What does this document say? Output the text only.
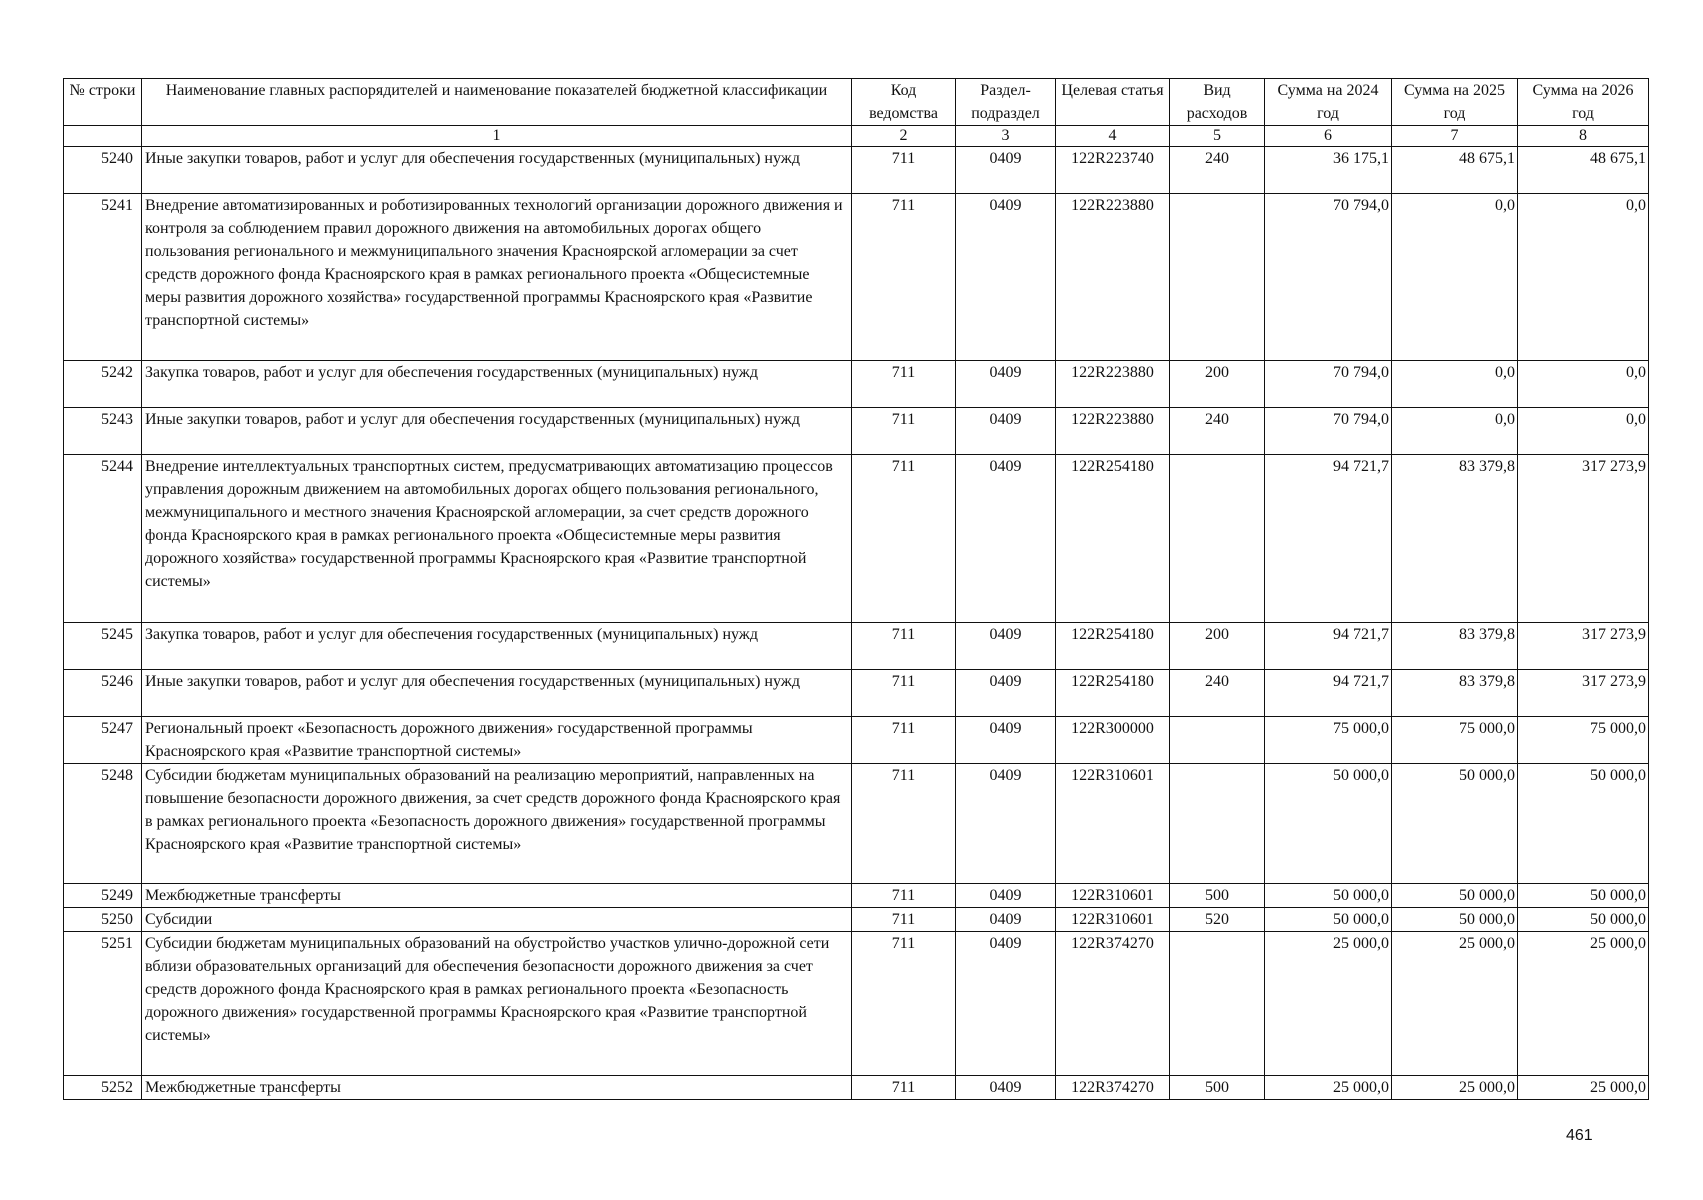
№ строки	Наименование главных распорядителей и наименование показателей бюджетной классификации	Код ведомства	Раздел-подраздел	Целевая статья	Вид расходов	Сумма на 2024 год	Сумма на 2025 год	Сумма на 2026 год
	1	2	3	4	5	6	7	8
5240	Иные закупки товаров, работ и услуг для обеспечения государственных (муниципальных) нужд	711	0409	122R223740	240	36 175,1	48 675,1	48 675,1
5241	Внедрение автоматизированных и роботизированных технологий организации дорожного движения и контроля за соблюдением правил дорожного движения на автомобильных дорогах общего пользования регионального и межмуниципального значения Красноярской агломерации за счет средств дорожного фонда Красноярского края в рамках регионального проекта «Общесистемные меры развития дорожного хозяйства» государственной программы Красноярского края «Развитие транспортной системы»	711	0409	122R223880		70 794,0	0,0	0,0
5242	Закупка товаров, работ и услуг для обеспечения государственных (муниципальных) нужд	711	0409	122R223880	200	70 794,0	0,0	0,0
5243	Иные закупки товаров, работ и услуг для обеспечения государственных (муниципальных) нужд	711	0409	122R223880	240	70 794,0	0,0	0,0
5244	Внедрение интеллектуальных транспортных систем, предусматривающих автоматизацию процессов управления дорожным движением на автомобильных дорогах общего пользования регионального, межмуниципального и местного значения Красноярской агломерации, за счет средств дорожного фонда Красноярского края в рамках регионального проекта «Общесистемные меры развития дорожного хозяйства» государственной программы Красноярского края «Развитие транспортной системы»	711	0409	122R254180		94 721,7	83 379,8	317 273,9
5245	Закупка товаров, работ и услуг для обеспечения государственных (муниципальных) нужд	711	0409	122R254180	200	94 721,7	83 379,8	317 273,9
5246	Иные закупки товаров, работ и услуг для обеспечения государственных (муниципальных) нужд	711	0409	122R254180	240	94 721,7	83 379,8	317 273,9
5247	Региональный проект «Безопасность дорожного движения» государственной программы Красноярского края «Развитие транспортной системы»	711	0409	122R300000		75 000,0	75 000,0	75 000,0
5248	Субсидии бюджетам муниципальных образований на реализацию мероприятий, направленных на повышение безопасности дорожного движения, за счет средств дорожного фонда Красноярского края в рамках регионального проекта «Безопасность дорожного движения» государственной программы Красноярского края «Развитие транспортной системы»	711	0409	122R310601		50 000,0	50 000,0	50 000,0
5249	Межбюджетные трансферты	711	0409	122R310601	500	50 000,0	50 000,0	50 000,0
5250	Субсидии	711	0409	122R310601	520	50 000,0	50 000,0	50 000,0
5251	Субсидии бюджетам муниципальных образований на обустройство участков улично-дорожной сети вблизи образовательных организаций для обеспечения безопасности дорожного движения за счет средств дорожного фонда Красноярского края в рамках регионального проекта «Безопасность дорожного движения» государственной программы Красноярского края «Развитие транспортной системы»	711	0409	122R374270		25 000,0	25 000,0	25 000,0
5252	Межбюджетные трансферты	711	0409	122R374270	500	25 000,0	25 000,0	25 000,0
461
